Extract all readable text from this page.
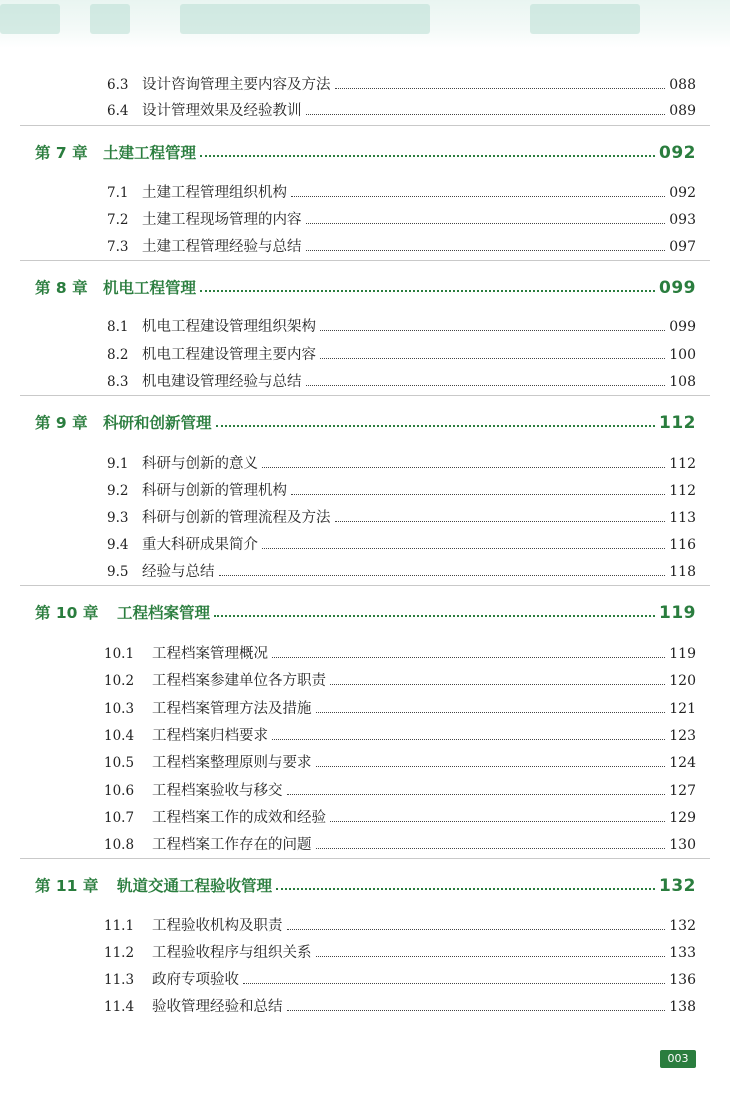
6.3 设计咨询管理主要内容及方法	088
6.4 设计管理效果及经验教训	089
第 7 章 土建工程管理	092
7.1 土建工程管理组织机构	092
7.2 土建工程现场管理的内容	093
7.3 土建工程管理经验与总结	097
第 8 章 机电工程管理	099
8.1 机电工程建设管理组织架构	099
8.2 机电工程建设管理主要内容	100
8.3 机电建设管理经验与总结	108
第 9 章 科研和创新管理	112
9.1 科研与创新的意义	112
9.2 科研与创新的管理机构	112
9.3 科研与创新的管理流程及方法	113
9.4 重大科研成果简介	116
9.5 经验与总结	118
第 10 章 工程档案管理	119
10.1 工程档案管理概况	119
10.2 工程档案参建单位各方职责	120
10.3 工程档案管理方法及措施	121
10.4 工程档案归档要求	123
10.5 工程档案整理原则与要求	124
10.6 工程档案验收与移交	127
10.7 工程档案工作的成效和经验	129
10.8 工程档案工作存在的问题	130
第 11 章 轨道交通工程验收管理	132
11.1 工程验收机构及职责	132
11.2 工程验收程序与组织关系	133
11.3 政府专项验收	136
11.4 验收管理经验和总结	138
003
